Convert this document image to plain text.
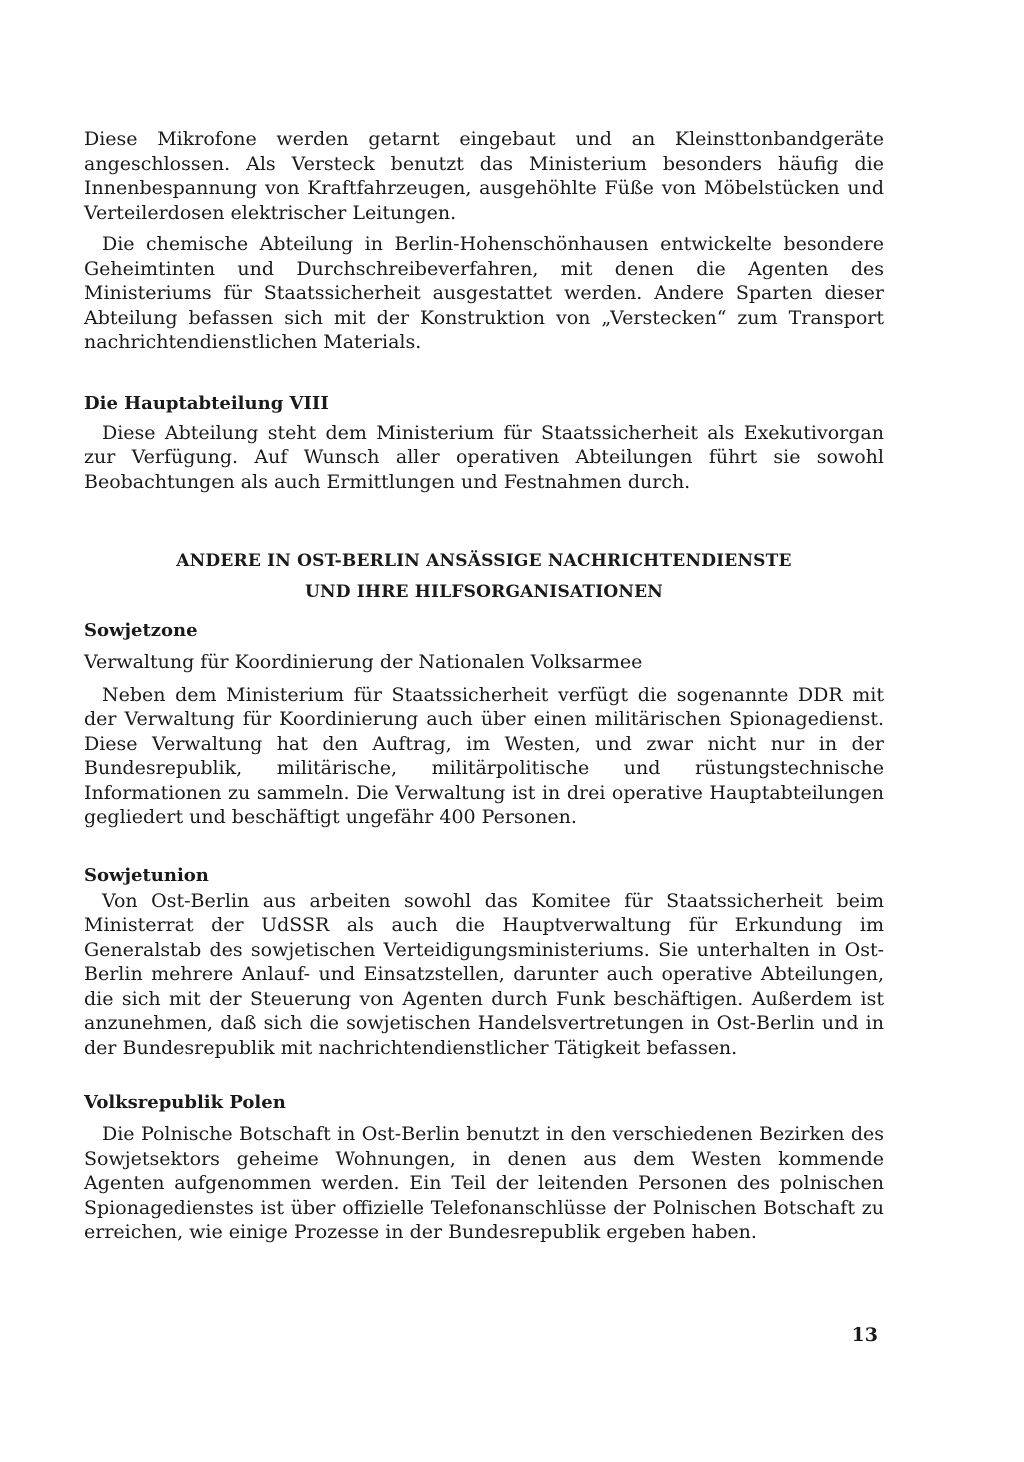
Diese Mikrofone werden getarnt eingebaut und an Kleinsttonbandgeräte angeschlossen. Als Versteck benutzt das Ministerium besonders häufig die Innenbespannung von Kraftfahrzeugen, ausgehöhlte Füße von Möbelstücken und Verteilerdosen elektrischer Leitungen.

Die chemische Abteilung in Berlin-Hohenschönhausen entwickelte besondere Geheimtinten und Durchschreibeverfahren, mit denen die Agenten des Ministeriums für Staatssicherheit ausgestattet werden. Andere Sparten dieser Abteilung befassen sich mit der Konstruktion von „Verstecken“ zum Transport nachrichtendienstlichen Materials.

Die Hauptabteilung VIII

Diese Abteilung steht dem Ministerium für Staatssicherheit als Exekutivorgan zur Verfügung. Auf Wunsch aller operativen Abteilungen führt sie sowohl Beobachtungen als auch Ermittlungen und Festnahmen durch.

ANDERE IN OST-BERLIN ANSÄSSIGE NACHRICHTENDIENSTE
UND IHRE HILFSORGANISATIONEN
Sowjetzone
Verwaltung für Koordinierung der Nationalen Volksarmee

Neben dem Ministerium für Staatssicherheit verfügt die sogenannte DDR mit der Verwaltung für Koordinierung auch über einen militärischen Spionagedienst. Diese Verwaltung hat den Auftrag, im Westen, und zwar nicht nur in der Bundesrepublik, militärische, militärpolitische und rüstungstechnische Informationen zu sammeln. Die Verwaltung ist in drei operative Hauptabteilungen gegliedert und beschäftigt ungefähr 400 Personen.

Sowjetunion

Von Ost-Berlin aus arbeiten sowohl das Komitee für Staatssicherheit beim Ministerrat der UdSSR als auch die Hauptverwaltung für Erkundung im Generalstab des sowjetischen Verteidigungsministeriums. Sie unterhalten in Ost-Berlin mehrere Anlauf- und Einsatzstellen, darunter auch operative Abteilungen, die sich mit der Steuerung von Agenten durch Funk beschäftigen. Außerdem ist anzunehmen, daß sich die sowjetischen Handelsvertretungen in Ost-Berlin und in der Bundesrepublik mit nachrichtendienstlicher Tätigkeit befassen.

Volksrepublik Polen

Die Polnische Botschaft in Ost-Berlin benutzt in den verschiedenen Bezirken des Sowjetsektors geheime Wohnungen, in denen aus dem Westen kommende Agenten aufgenommen werden. Ein Teil der leitenden Personen des polnischen Spionagedienstes ist über offizielle Telefonanschlüsse der Polnischen Botschaft zu erreichen, wie einige Prozesse in der Bundesrepublik ergeben haben.

13
